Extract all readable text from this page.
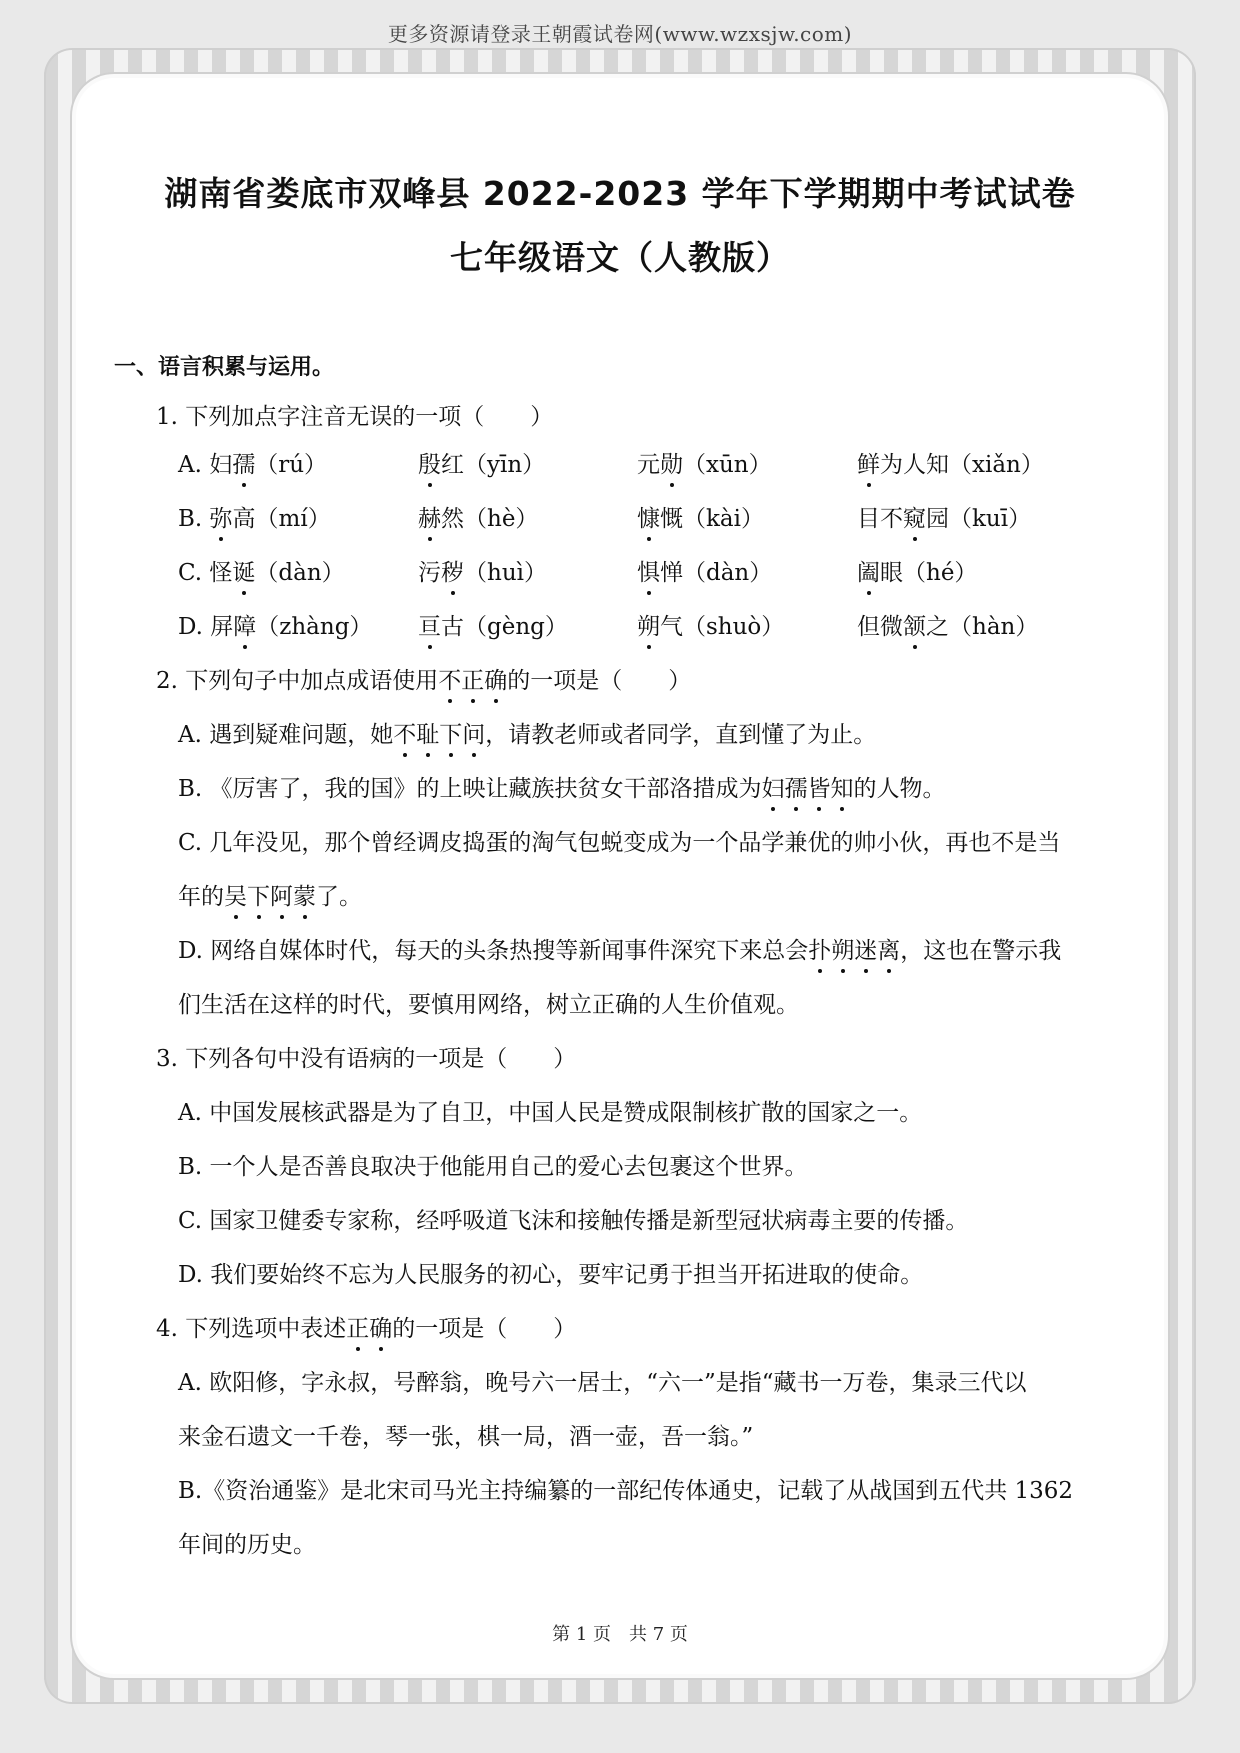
更多资源请登录王朝霞试卷网(www.wzxsjw.com)
湖南省娄底市双峰县 2022-2023 学年下学期期中考试试卷
七年级语文（人教版）
一、语言积累与运用。
1. 下列加点字注音无误的一项（　　）
A. 妇孺（rú）	殷红（yīn）	元勋（xūn）	鲜为人知（xiǎn）
B. 弥高（mí）	赫然（hè）	慷慨（kài）	目不窥园（kuī）
C. 怪诞（dàn）	污秽（huì）	惧惮（dàn）	阖眼（hé）
D. 屏障（zhàng） 亘古（gèng）	朔气（shuò）	但微颔之（hàn）
2. 下列句子中加点成语使用不正确的一项是（　　）
A. 遇到疑难问题，她不耻下问，请教老师或者同学，直到懂了为止。
B. 《厉害了，我的国》的上映让藏族扶贫女干部洛措成为妇孺皆知的人物。
C. 几年没见，那个曾经调皮捣蛋的淘气包蜕变成为一个品学兼优的帅小伙，再也不是当
年的吴下阿蒙了。
D. 网络自媒体时代，每天的头条热搜等新闻事件深究下来总会扑朔迷离，这也在警示我
们生活在这样的时代，要慎用网络，树立正确的人生价值观。
3. 下列各句中没有语病的一项是（　　）
A. 中国发展核武器是为了自卫，中国人民是赞成限制核扩散的国家之一。
B. 一个人是否善良取决于他能用自己的爱心去包裹这个世界。
C. 国家卫健委专家称，经呼吸道飞沫和接触传播是新型冠状病毒主要的传播。
D. 我们要始终不忘为人民服务的初心，要牢记勇于担当开拓进取的使命。
4. 下列选项中表述正确的一项是（　　）
A. 欧阳修，字永叔，号醉翁，晚号六一居士，“六一”是指“藏书一万卷，集录三代以
来金石遗文一千卷，琴一张，棋一局，酒一壶，吾一翁。”
B.《资治通鉴》是北宋司马光主持编纂的一部纪传体通史，记载了从战国到五代共 1362
年间的历史。
第 1 页　共 7 页
